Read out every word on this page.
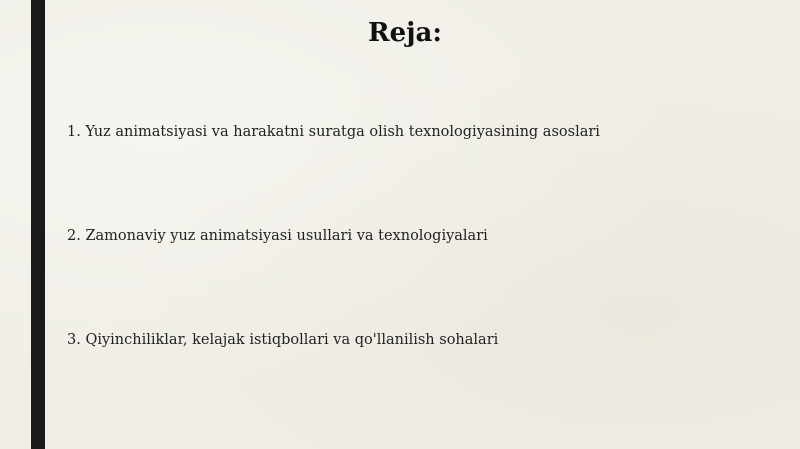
Reja:
1. Yuz animatsiyasi va harakatni suratga olish texnologiyasining asoslari
2. Zamonaviy yuz animatsiyasi usullari va texnologiyalari
3. Qiyinchiliklar, kelajak istiqbollari va qo'llanilish sohalari
